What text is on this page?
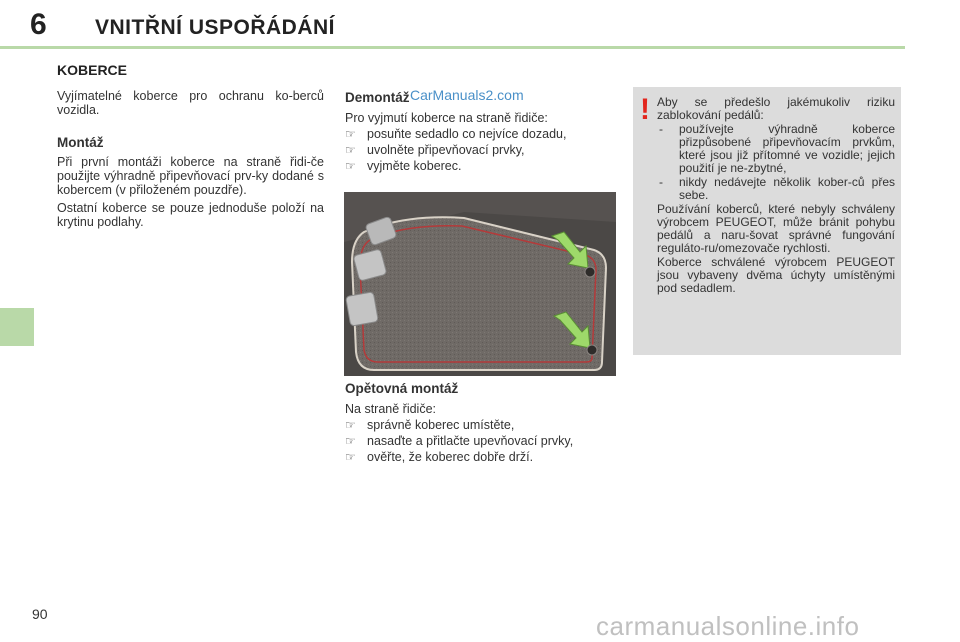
6 VNITŘNÍ USPOŘÁDÁNÍ
KOBERCE

Vyjímatelné koberce pro ochranu ko-berců vozidla.

Montáž

Při první montáži koberce na straně řidi-če použijte výhradně připevňovací prv-ky dodané s kobercem (v přiloženém pouzdře).

Ostatní koberce se pouze jednoduše položí na krytinu podlahy.

Demontáž
Pro vyjmutí koberce na straně řidiče:
☞ posuňte sedadlo co nejvíce dozadu,
☞ uvolněte připevňovací prvky,
☞ vyjměte koberec.
CarManuals2.com
Opětovná montáž
Na straně řidiče:
☞ správně koberec umístěte,
☞ nasaďte a přitlačte upevňovací prvky,
☞ ověřte, že koberec dobře drží.
! Aby se předešlo jakémukoliv riziku zablokování pedálů:

- používejte výhradně koberce přizpůsobené připevňovacím prvkům, které jsou již přítomné ve vozidle; jejich použití je ne-zbytné,
- nikdy nedávejte několik kober-ců přes sebe.

Používání koberců, které nebyly schváleny výrobcem PEUGEOT, může bránit pohybu pedálů a naru-šovat správné fungování reguláto-ru/omezovače rychlosti.

Koberce schválené výrobcem PEUGEOT jsou vybaveny dvěma úchyty umístěnými pod sedadlem.

90	carmanualsonline.info
